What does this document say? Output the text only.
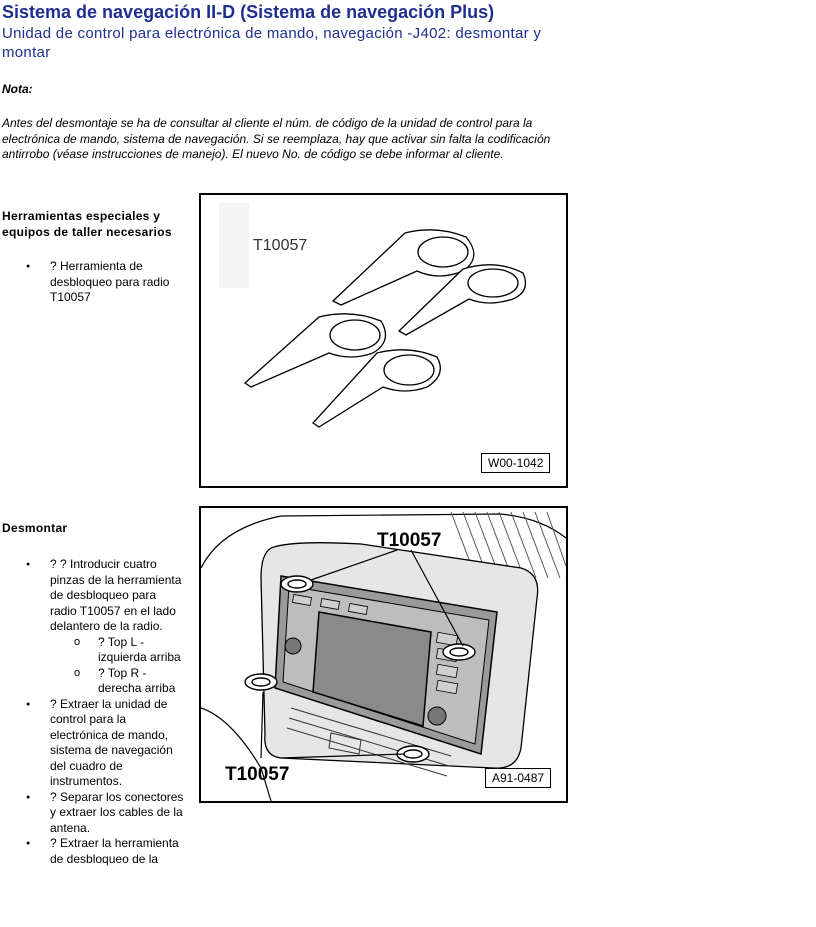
Sistema de navegación II-D (Sistema de navegación Plus)
Unidad de control para electrónica de mando, navegación -J402: desmontar y montar
Nota:
Antes del desmontaje se ha de consultar al cliente el núm. de código de la unidad de control para la electrónica de mando, sistema de navegación. Si se reemplaza, hay que activar sin falta la codificación antirrobo (véase instrucciones de manejo). El nuevo No. de código se debe informar al cliente.
Herramientas especiales y equipos de taller necesarios
● ? Herramienta de desbloqueo para radio T10057
T10057
W00-1042
Desmontar
● ? ? Introducir cuatro pinzas de la herramienta de desbloqueo para radio T10057 en el lado delantero de la radio.
o ? Top L - izquierda arriba
o ? Top R - derecha arriba
● ? Extraer la unidad de control para la electrónica de mando, sistema de navegación del cuadro de instrumentos.
● ? Separar los conectores y extraer los cables de la antena.
● ? Extraer la herramienta de desbloqueo de la
T10057
T10057	A91-0487
